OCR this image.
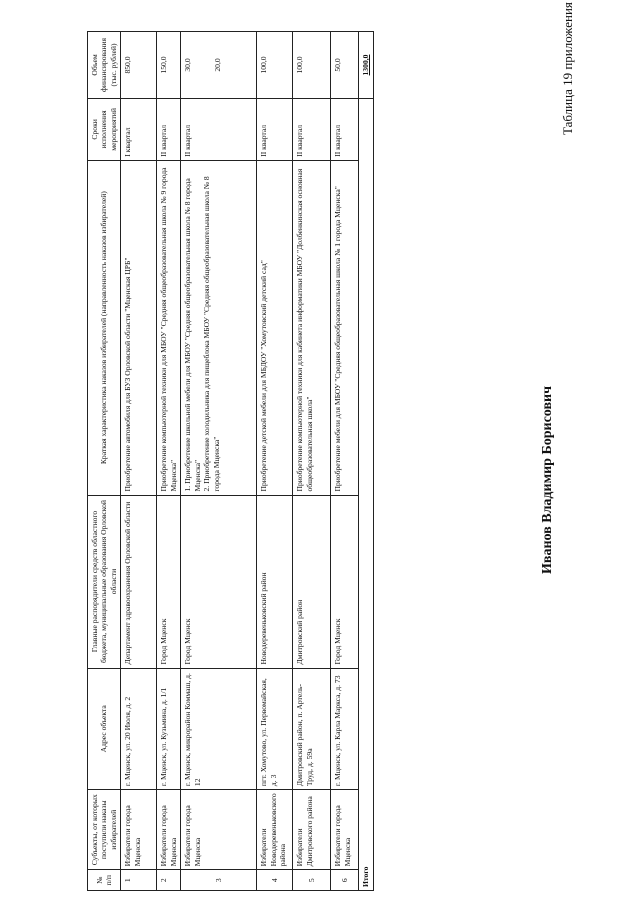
Таблица 19 приложения
Иванов Владимир Борисович
№ п/п	Субъекты, от которых поступили наказы избирателей	Адрес объекта	Главные распорядители средств областного бюджета, муниципальные образования Орловской области	Краткая характеристика наказов избирателей (направленность наказов избирателей)	Сроки исполнения мероприятий	Объем финансирования (тыс. рублей)
1	Избиратели города Мценска	г. Мценск, ул. 20 Июля, д. 2	Департамент здравоохранения Орловской области	Приобретение автомобиля для БУЗ Орловской области "Мценская ЦРБ"	I квартал	850,0
2	Избиратели города Мценска	г. Мценск, ул. Кузьмина, д. 1/1	Город Мценск	Приобретение компьютерной техники для МБОУ "Средняя общеобразовательная школа № 9 города Мценска"	II квартал	150,0
3	Избиратели города Мценска	г. Мценск, микрорайон Коммаш, д. 12	Город Мценск	1. Приобретение школьной мебели для МБОУ "Средняя общеобразовательная школа № 8 города Мценска" 2. Приобретение холодильника для пищеблока МБОУ "Средняя общеобразовательная школа № 8 города Мценска"	II квартал	30,0 20,0

4	Избиратели Новодеревеньковского района	пгт. Хомутово, ул. Первомайская, д. 3	Новодеревеньковский район	Приобретение детской мебели для МБДОУ "Хомутовский детский сад"	II квартал	100,0
5	Избиратели Дмитровского района	Дмитровский район, п. Артель-Труд, д. 59а	Дмитровский район	Приобретение компьютерной техники для кабинета информатики МБОУ "Долбенкинская основная общеобразовательная школа"	II квартал	100,0
6	Избиратели города Мценска	г. Мценск, ул. Карла Маркса, д. 73	Город Мценск	Приобретение мебели для МБОУ "Средняя общеобразовательная школа № 1 города Мценска"	II квартал	50,0
Итого						1300,0
